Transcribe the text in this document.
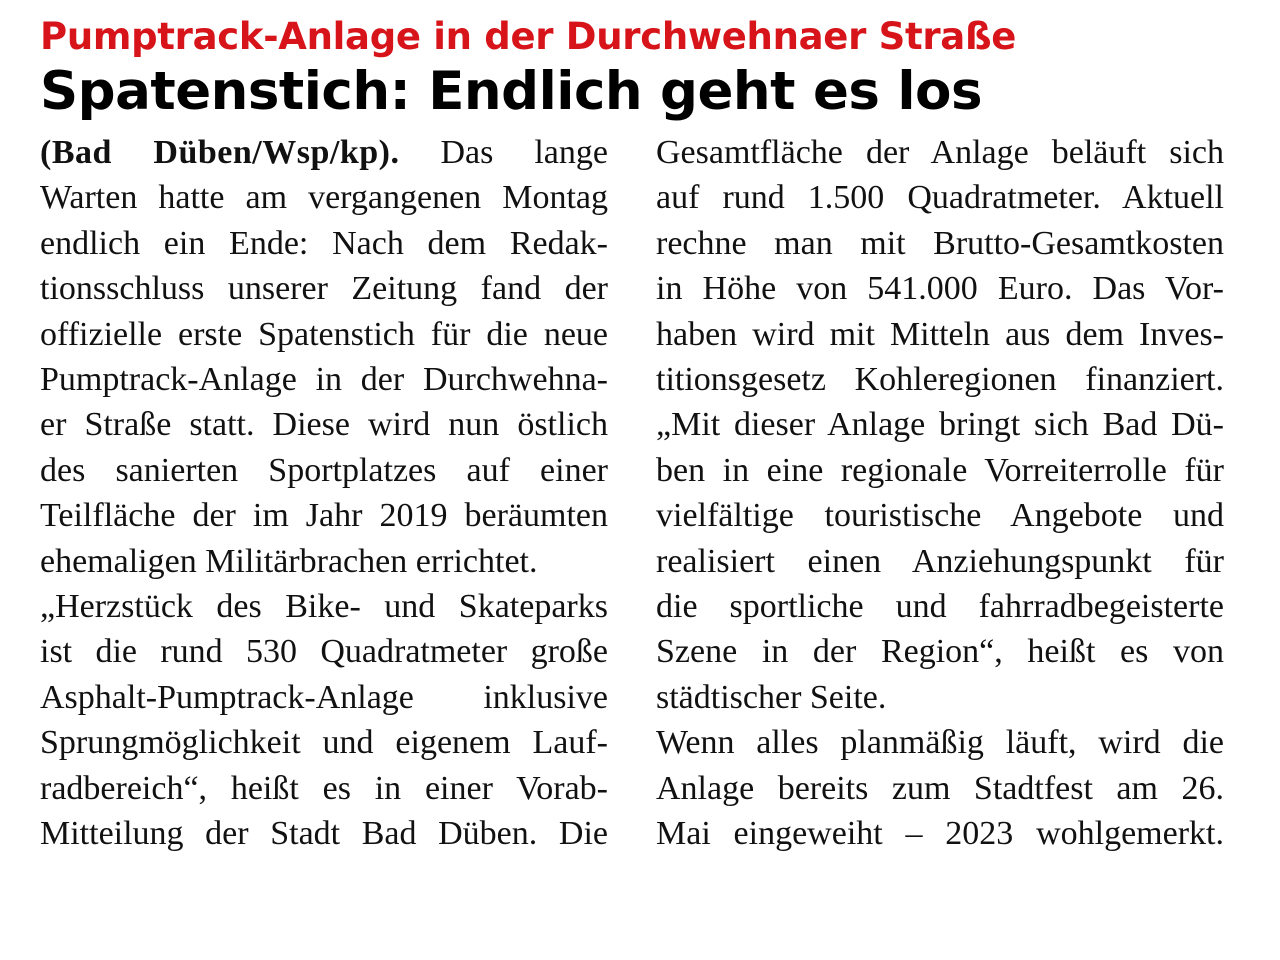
Pumptrack-Anlage in der Durchwehnaer Straße
Spatenstich: Endlich geht es los

(Bad Düben/Wsp/kp). Das lange

Warten hatte am vergangenen Montag

endlich ein Ende: Nach dem Redak-

tionsschluss unserer Zeitung fand der

offizielle erste Spatenstich für die neue

Pumptrack-Anlage in der Durchwehna-

er Straße statt. Diese wird nun östlich

des sanierten Sportplatzes auf einer

Teilfläche der im Jahr 2019 beräumten

ehemaligen Militärbrachen errichtet.

„Herzstück des Bike- und Skateparks

ist die rund 530 Quadratmeter große

Asphalt-Pumptrack-Anlage inklusive

Sprungmöglichkeit und eigenem Lauf-

radbereich“, heißt es in einer Vorab-

Mitteilung der Stadt Bad Düben. Die

Gesamtfläche der Anlage beläuft sich

auf rund 1.500 Quadratmeter. Aktuell

rechne man mit Brutto-Gesamtkosten

in Höhe von 541.000 Euro. Das Vor-

haben wird mit Mitteln aus dem Inves-

titionsgesetz Kohleregionen finanziert.

„Mit dieser Anlage bringt sich Bad Dü-

ben in eine regionale Vorreiterrolle für

vielfältige touristische Angebote und

realisiert einen Anziehungspunkt für

die sportliche und fahrradbegeisterte

Szene in der Region“, heißt es von

städtischer Seite.

Wenn alles planmäßig läuft, wird die

Anlage bereits zum Stadtfest am 26.

Mai eingeweiht – 2023 wohlgemerkt.
